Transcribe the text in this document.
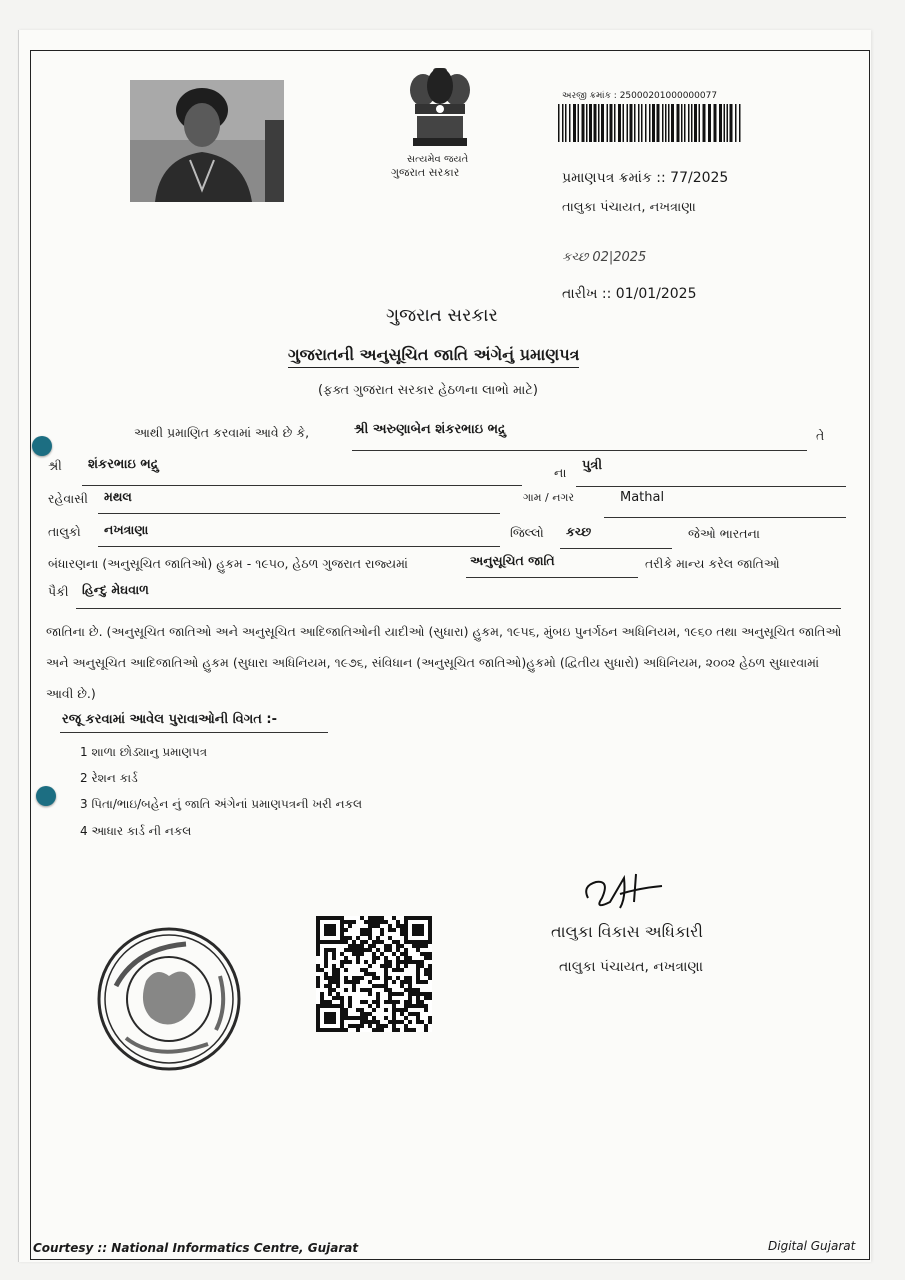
સત્યમેવ જયતે
ગુજરાત સરકાર
અરજી ક્રમાંક : 25000201000000077
પ્રમાણપત્ર ક્રમાંક :: 77/2025
તાલુકા પંચાયત, નખત્રાણા
કચ્છ 02|2025
તારીખ :: 01/01/2025
ગુજરાત સરકાર
ગુજરાતની અનુસૂચિત જાતિ અંગેનું પ્રમાણપત્ર
(ફક્ત ગુજરાત સરકાર હેઠળના લાભો માટે)
આથી પ્રમાણિત કરવામાં આવે છે કે,	શ્રી અરુણાબેન શંકરભાઇ ભદ્રુ	તે
શ્રી શંકરભાઇ ભદ્રુ
ના પુત્રી
રહેવાસી મથલ	ગામ / નગર	Mathal
તાલુકો નખત્રાણા	જિલ્લો કચ્છ	જેઓ ભારતના
બંધારણના (અનુસૂચિત જાતિઓ) હુકમ - ૧૯૫૦, હેઠળ ગુજરાત રાજ્યમાં	અનુસૂચિત જાતિ	તરીકે માન્ય કરેલ જાતિઓ
પૈકી હિન્દુ મેઘવાળ
જાતિના છે. (અનુસૂચિત જાતિઓ અને અનુસૂચિત આદિજાતિઓની યાદીઓ (સુધારા) હુકમ, ૧૯૫૬, મુંબઇ પુનર્ગઠન અધિનિયમ, ૧૯૬૦ તથા અનુસૂચિત જાતિઓ અને અનુસૂચિત આદિજાતિઓ હુકમ (સુધારા અધિનિયમ, ૧૯૭૬, સંવિધાન (અનુસૂચિત જાતિઓ)હુકમો (દ્વિતીય સુધારો) અધિનિયમ, ૨૦૦૨ હેઠળ સુધારવામાં આવી છે.)
રજૂ કરવામાં આવેલ પુરાવાઓની વિગત :-
1 શાળા છોડ્યાનુ પ્રમાણપત્ર
2 રેશન કાર્ડ
3 પિતા/ભાઇ/બહેન નું જાતિ અંગેનાં પ્રમાણપત્રની ખરી નકલ
4 આધાર કાર્ડ ની નકલ
તાલુકા વિકાસ અધિકારી
તાલુકા પંચાયત, નખત્રાણા
Courtesy :: National Informatics Centre, Gujarat	Digital Gujarat
